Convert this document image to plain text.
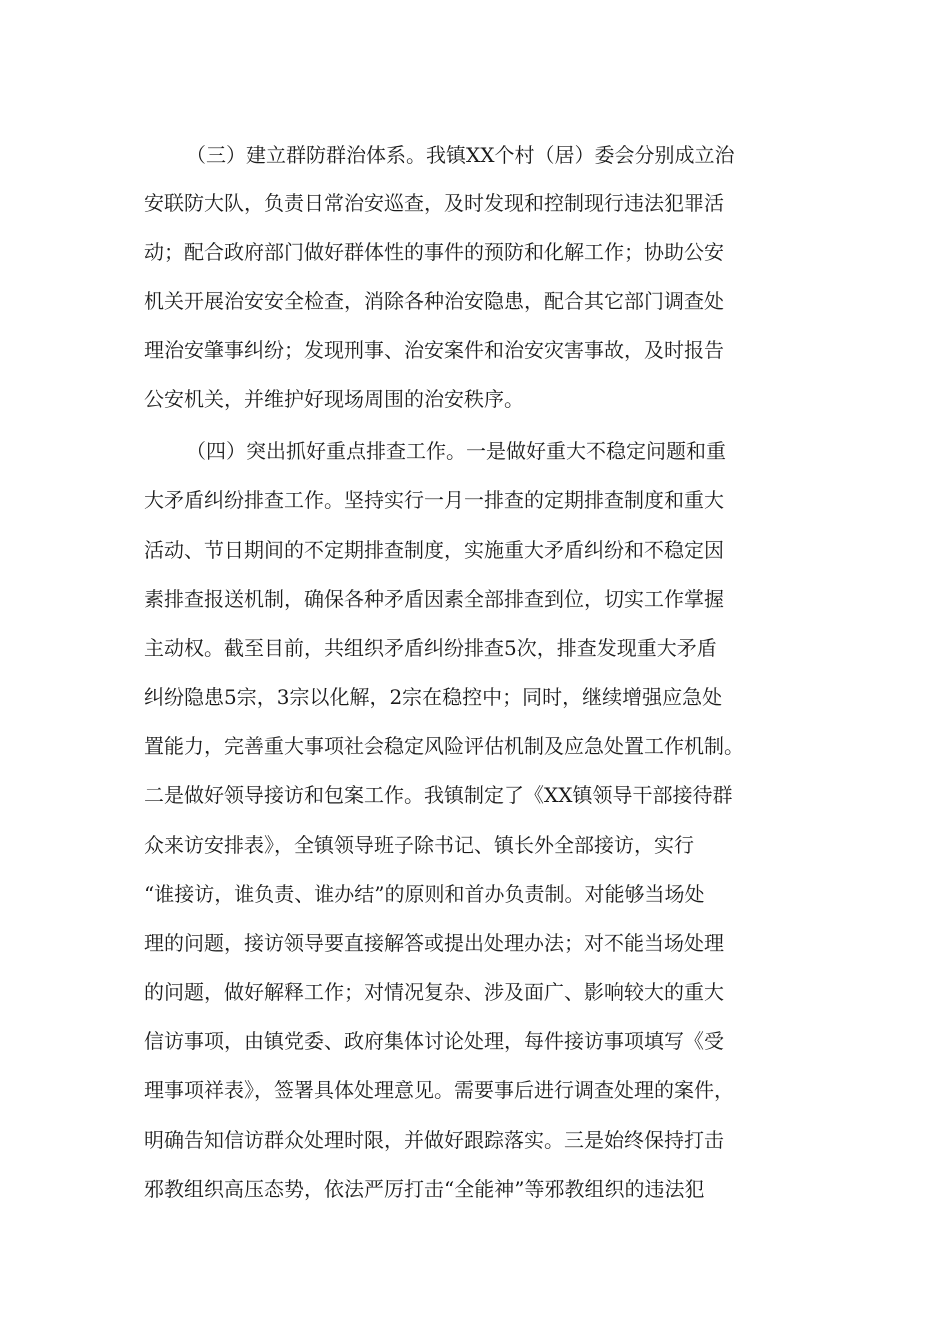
（三）建立群防群治体系。我镇XX个村（居）委会分别成立治
安联防大队，负责日常治安巡查，及时发现和控制现行违法犯罪活
动；配合政府部门做好群体性的事件的预防和化解工作；协助公安
机关开展治安安全检查，消除各种治安隐患，配合其它部门调查处
理治安肇事纠纷；发现刑事、治安案件和治安灾害事故，及时报告
公安机关，并维护好现场周围的治安秩序。
（四）突出抓好重点排查工作。一是做好重大不稳定问题和重
大矛盾纠纷排查工作。坚持实行一月一排查的定期排查制度和重大
活动、节日期间的不定期排查制度，实施重大矛盾纠纷和不稳定因
素排查报送机制，确保各种矛盾因素全部排查到位，切实工作掌握
主动权。截至目前，共组织矛盾纠纷排查5次，排查发现重大矛盾
纠纷隐患5宗，3宗以化解，2宗在稳控中；同时，继续增强应急处
置能力，完善重大事项社会稳定风险评估机制及应急处置工作机制。
二是做好领导接访和包案工作。我镇制定了《XX镇领导干部接待群
众来访安排表》，全镇领导班子除书记、镇长外全部接访，实行
“谁接访，谁负责、谁办结”的原则和首办负责制。对能够当场处
理的问题，接访领导要直接解答或提出处理办法；对不能当场处理
的问题，做好解释工作；对情况复杂、涉及面广、影响较大的重大
信访事项，由镇党委、政府集体讨论处理，每件接访事项填写《受
理事项祥表》，签署具体处理意见。需要事后进行调查处理的案件，
明确告知信访群众处理时限，并做好跟踪落实。三是始终保持打击
邪教组织高压态势，依法严厉打击“全能神”等邪教组织的违法犯
